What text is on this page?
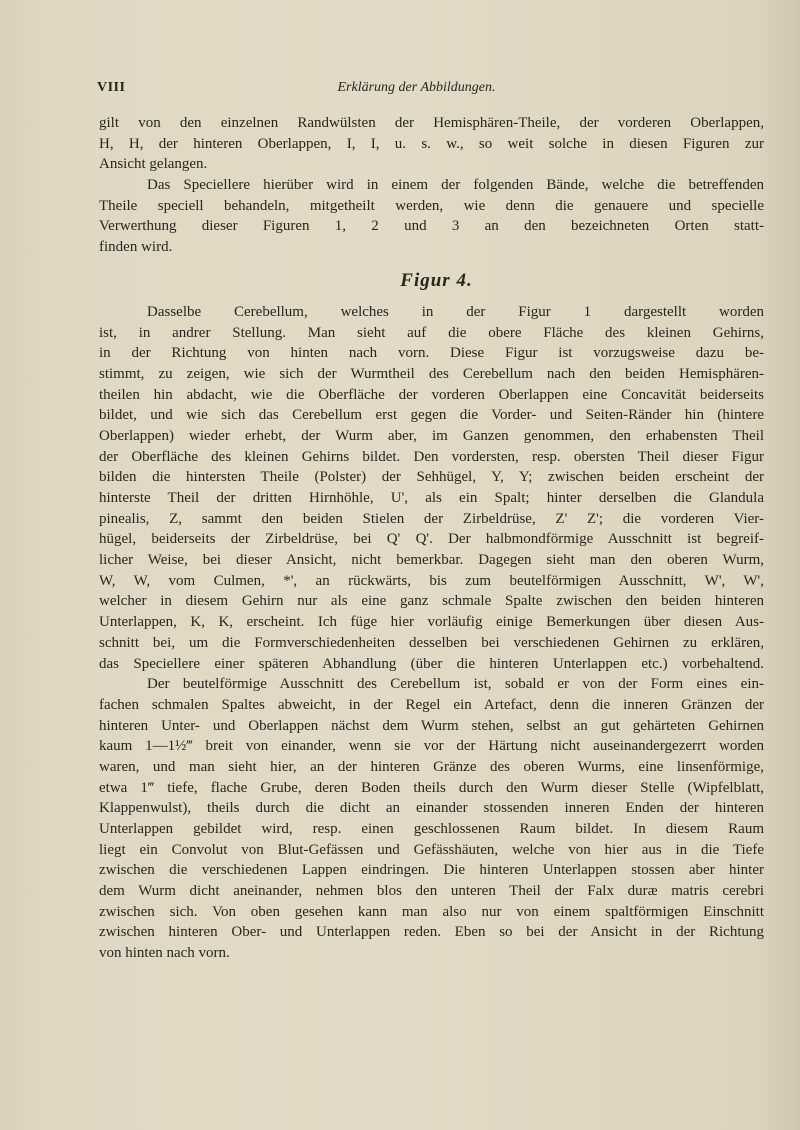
VIII	Erklärung der Abbildungen.
gilt von den einzelnen Randwülsten der Hemisphären-Theile, der vorderen Oberlappen,
H, H, der hinteren Oberlappen, I, I, u. s. w., so weit solche in diesen Figuren zur
Ansicht gelangen.
Das Speciellere hierüber wird in einem der folgenden Bände, welche die betreffenden
Theile speciell behandeln, mitgetheilt werden, wie denn die genauere und specielle
Verwerthung dieser Figuren 1, 2 und 3 an den bezeichneten Orten statt-
finden wird.
Figur 4.
Dasselbe Cerebellum, welches in der Figur 1 dargestellt worden
ist, in andrer Stellung. Man sieht auf die obere Fläche des kleinen Gehirns,
in der Richtung von hinten nach vorn. Diese Figur ist vorzugsweise dazu be-
stimmt, zu zeigen, wie sich der Wurmtheil des Cerebellum nach den beiden Hemisphären-
theilen hin abdacht, wie die Oberfläche der vorderen Oberlappen eine Concavität beiderseits
bildet, und wie sich das Cerebellum erst gegen die Vorder- und Seiten-Ränder hin (hintere
Oberlappen) wieder erhebt, der Wurm aber, im Ganzen genommen, den erhabensten Theil
der Oberfläche des kleinen Gehirns bildet. Den vordersten, resp. obersten Theil dieser Figur
bilden die hintersten Theile (Polster) der Sehhügel, Y, Y; zwischen beiden erscheint der
hinterste Theil der dritten Hirnhöhle, U', als ein Spalt; hinter derselben die Glandula
pinealis, Z, sammt den beiden Stielen der Zirbeldrüse, Z' Z'; die vorderen Vier-
hügel, beiderseits der Zirbeldrüse, bei Q' Q'. Der halbmondförmige Ausschnitt ist begreif-
licher Weise, bei dieser Ansicht, nicht bemerkbar. Dagegen sieht man den oberen Wurm,
W, W, vom Culmen, *', an rückwärts, bis zum beutelförmigen Ausschnitt, W', W',
welcher in diesem Gehirn nur als eine ganz schmale Spalte zwischen den beiden hinteren
Unterlappen, K, K, erscheint. Ich füge hier vorläufig einige Bemerkungen über diesen Aus-
schnitt bei, um die Formverschiedenheiten desselben bei verschiedenen Gehirnen zu erklären,
das Speciellere einer späteren Abhandlung (über die hinteren Unterlappen etc.) vorbehaltend.
Der beutelförmige Ausschnitt des Cerebellum ist, sobald er von der Form eines ein-
fachen schmalen Spaltes abweicht, in der Regel ein Artefact, denn die inneren Gränzen der
hinteren Unter- und Oberlappen nächst dem Wurm stehen, selbst an gut gehärteten Gehirnen
kaum 1—1½‴ breit von einander, wenn sie vor der Härtung nicht auseinandergezerrt worden
waren, und man sieht hier, an der hinteren Gränze des oberen Wurms, eine linsenförmige,
etwa 1‴ tiefe, flache Grube, deren Boden theils durch den Wurm dieser Stelle (Wipfelblatt,
Klappenwulst), theils durch die dicht an einander stossenden inneren Enden der hinteren
Unterlappen gebildet wird, resp. einen geschlossenen Raum bildet. In diesem Raum
liegt ein Convolut von Blut-Gefässen und Gefässhäuten, welche von hier aus in die Tiefe
zwischen die verschiedenen Lappen eindringen. Die hinteren Unterlappen stossen aber hinter
dem Wurm dicht aneinander, nehmen blos den unteren Theil der Falx duræ matris cerebri
zwischen sich. Von oben gesehen kann man also nur von einem spaltförmigen Einschnitt
zwischen hinteren Ober- und Unterlappen reden. Eben so bei der Ansicht in der Richtung
von hinten nach vorn.
